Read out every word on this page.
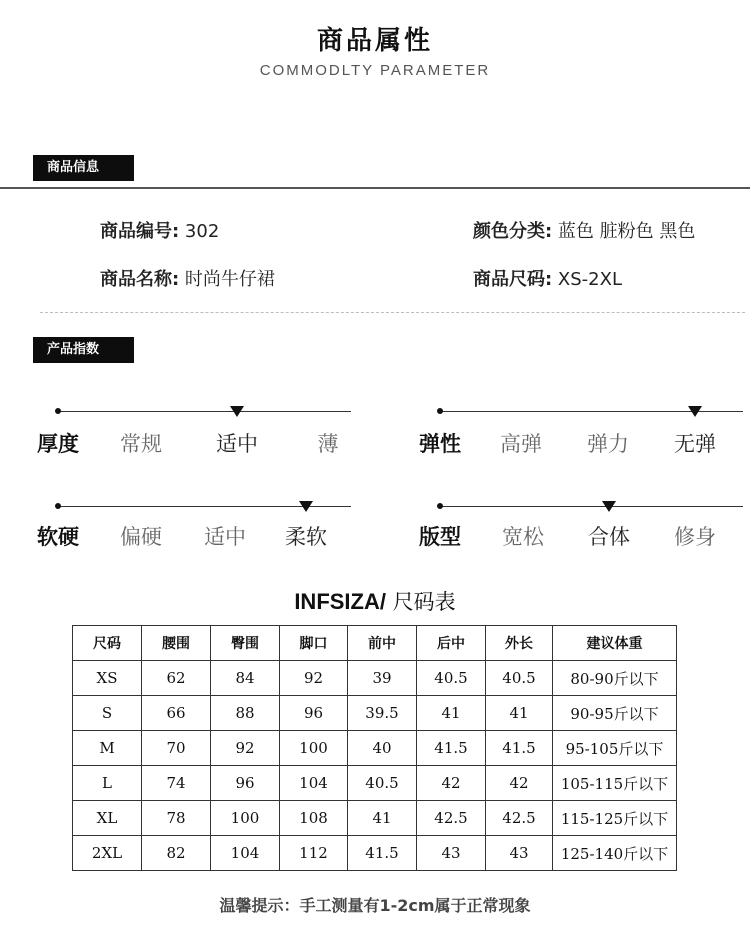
商品属性
COMMODLTY PARAMETER
商品信息
商品编号: 302	颜色分类: 蓝色 脏粉色 黑色
商品名称: 时尚牛仔裙	商品尺码: XS-2XL
产品指数
厚度 常规	适中	薄	弹性 高弹 弹力 无弹
软硬 偏硬 适中 柔软	版型 宽松 合体 修身
INFSIZA/ 尺码表
尺码	腰围	臀围	脚口	前中	后中	外长	建议体重
XS	62	84	92	39	40.5	40.5	80-90斤以下
S	66	88	96	39.5	41	41	90-95斤以下
M	70	92	100	40	41.5	41.5	95-105斤以下
L	74	96	104	40.5	42	42	105-115斤以下
XL	78	100	108	41	42.5	42.5	115-125斤以下
2XL	82	104	112	41.5	43	43	125-140斤以下
温馨提示：手工测量有1-2cm属于正常现象
